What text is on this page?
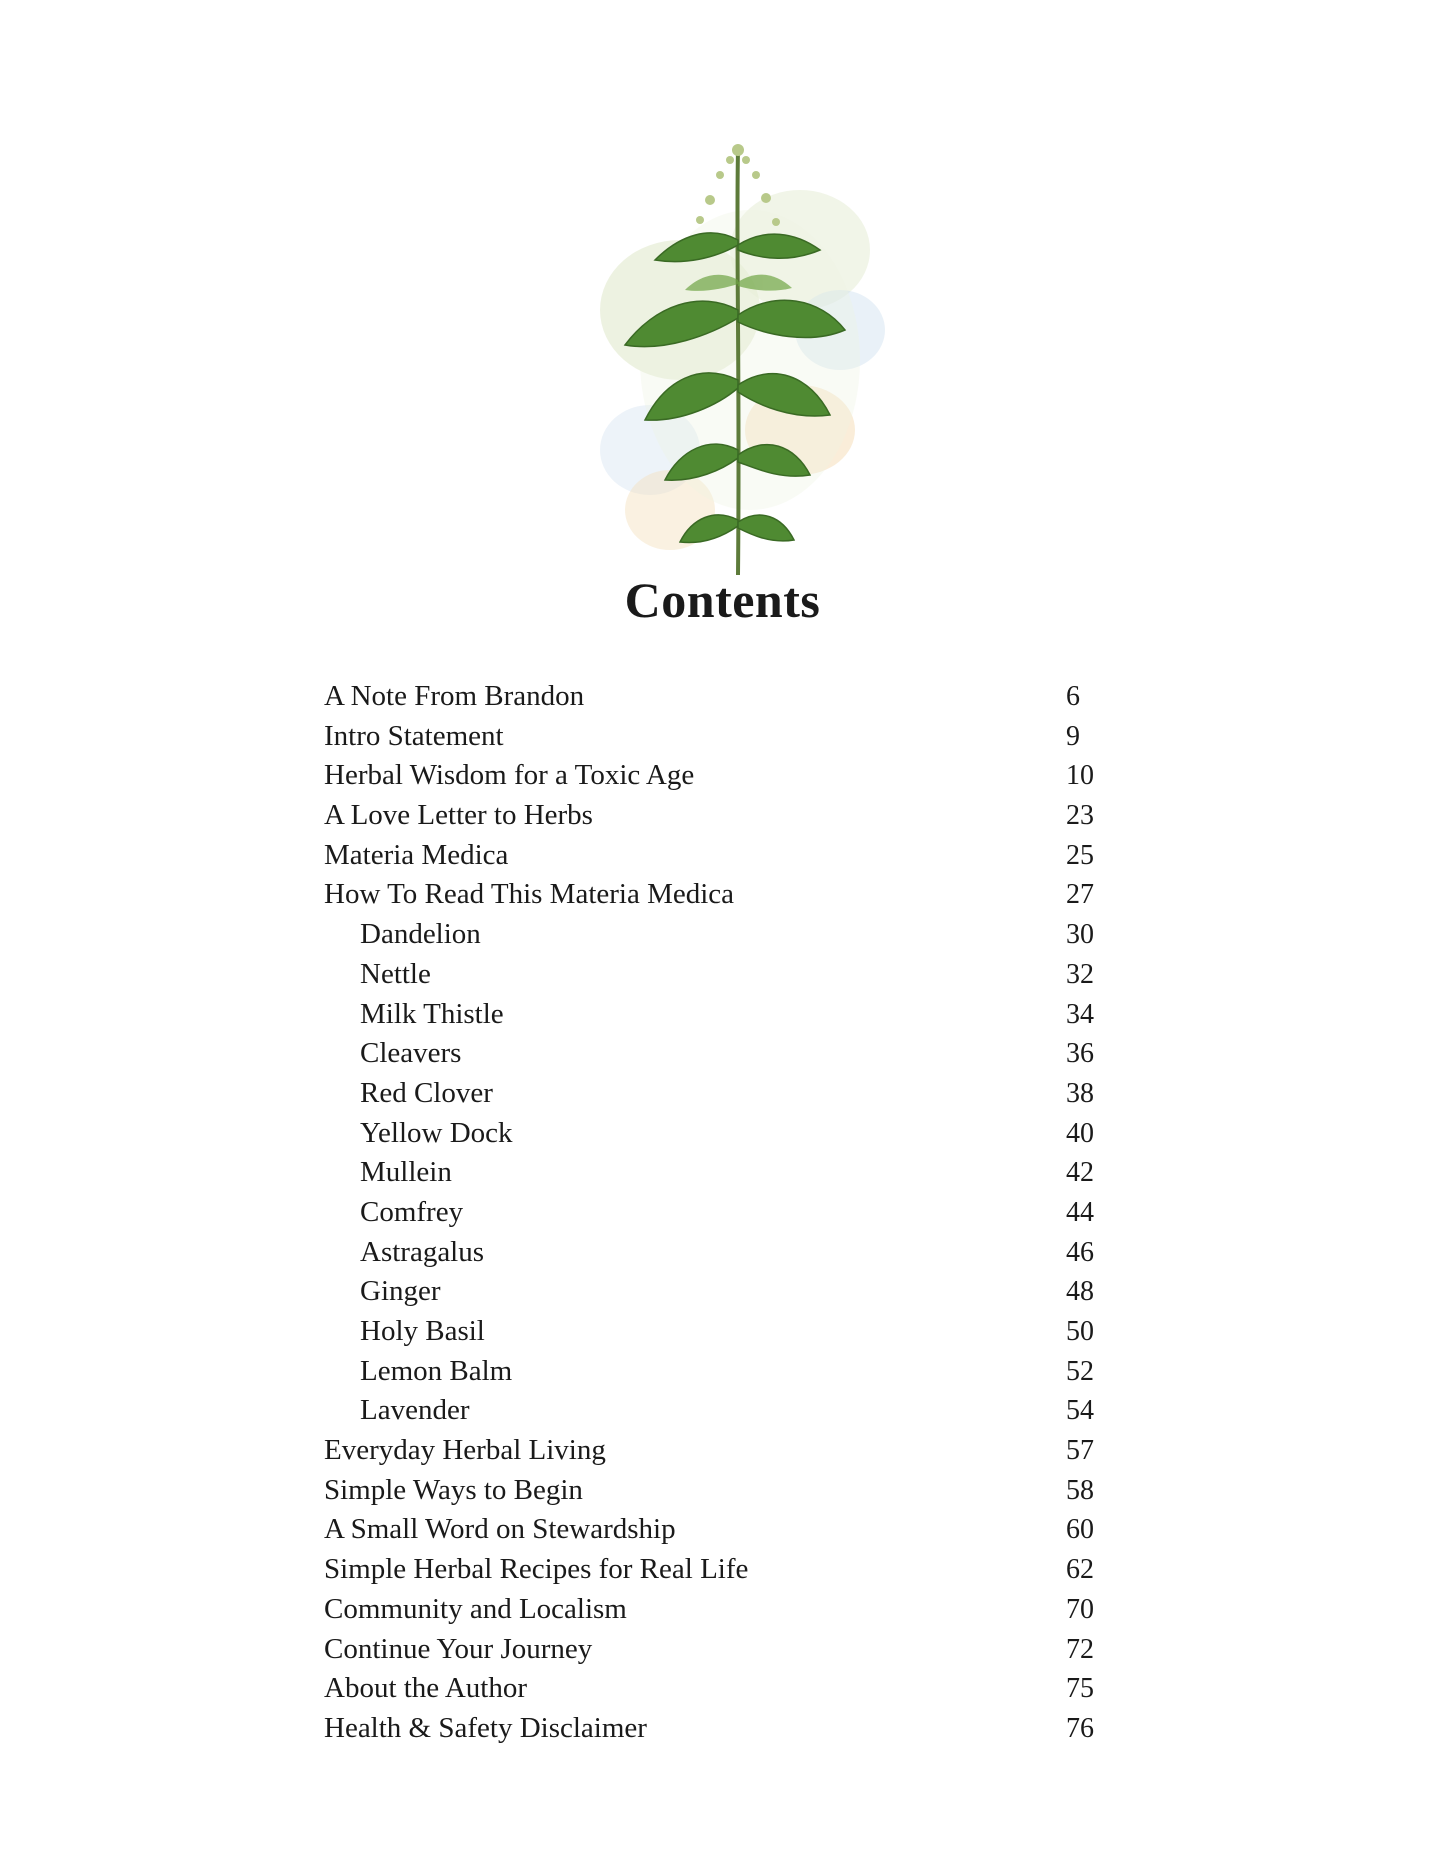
Contents
A Note From Brandon	6
Intro Statement	9
Herbal Wisdom for a Toxic Age	10
A Love Letter to Herbs	23
Materia Medica	25
How To Read This Materia Medica	27
Dandelion	30
Nettle	32
Milk Thistle	34
Cleavers	36
Red Clover	38
Yellow Dock	40
Mullein	42
Comfrey	44
Astragalus	46
Ginger	48
Holy Basil	50
Lemon Balm	52
Lavender	54
Everyday Herbal Living	57
Simple Ways to Begin	58
A Small Word on Stewardship	60
Simple Herbal Recipes for Real Life	62
Community and Localism	70
Continue Your Journey	72
About the Author	75
Health & Safety Disclaimer	76
